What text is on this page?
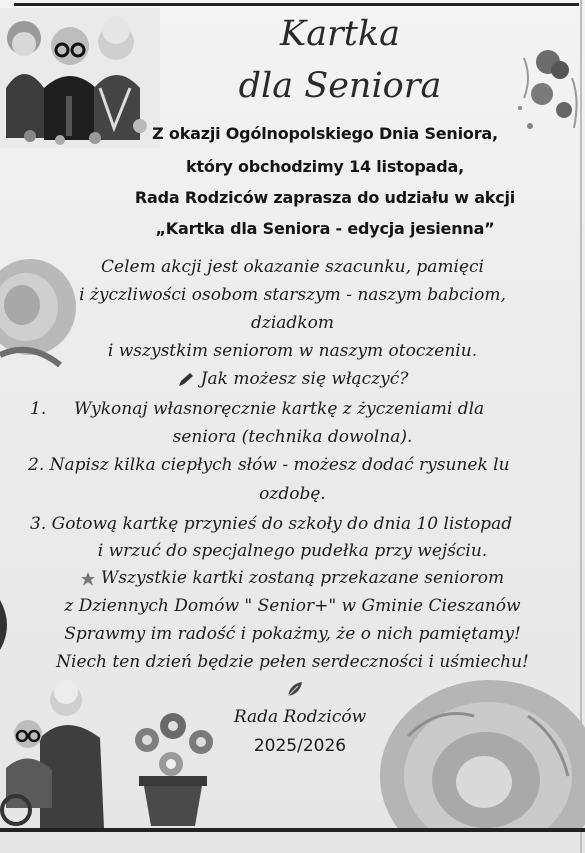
Kartka
dla Seniora
Z okazji Ogólnopolskiego Dnia Seniora,
który obchodzimy 14 listopada,
Rada Rodziców zaprasza do udziału w akcji
„Kartka dla Seniora - edycja jesienna”
Celem akcji jest okazanie szacunku, pamięci
i życzliwości osobom starszym - naszym babciom,
dziadkom
i wszystkim seniorom w naszym otoczeniu.
Jak możesz się włączyć?
1. Wykonaj własnoręcznie kartkę z życzeniami dla
seniora (technika dowolna).
2. Napisz kilka ciepłych słów - możesz dodać rysunek lu
ozdobę.
3. Gotową kartkę przynieś do szkoły do dnia 10 listopad
i wrzuć do specjalnego pudełka przy wejściu.
Wszystkie kartki zostaną przekazane seniorom
z Dziennych Domów " Senior+" w Gminie Cieszanów
Sprawmy im radość i pokażmy, że o nich pamiętamy!
Niech ten dzień będzie pełen serdeczności i uśmiechu!
Rada Rodziców
2025/2026
